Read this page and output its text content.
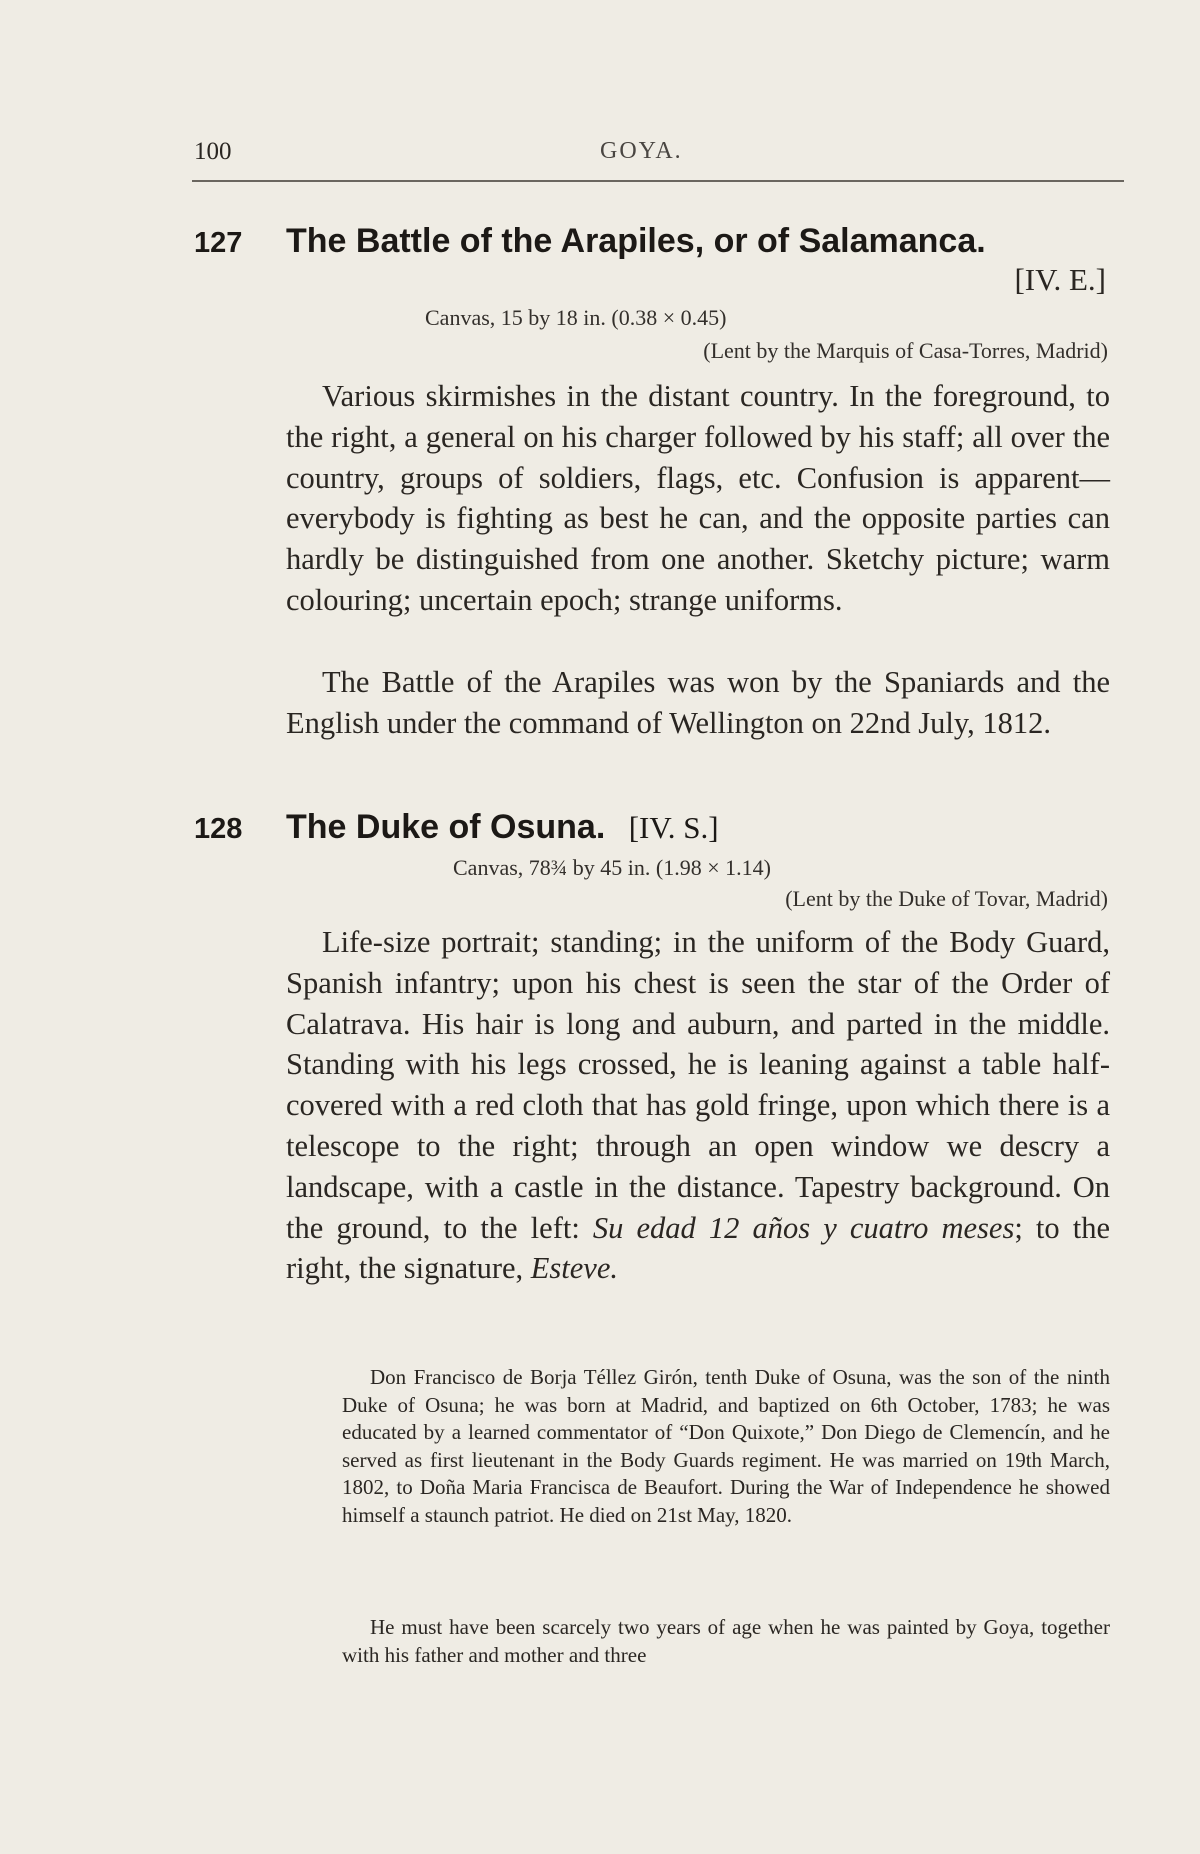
100	GOYA.
127 The Battle of the Arapiles, or of Salamanca.
[IV. E.]
Canvas, 15 by 18 in. (0.38 × 0.45)
(Lent by the Marquis of Casa-Torres, Madrid)

Various skirmishes in the distant country. In the foreground, to the right, a general on his charger followed by his staff; all over the country, groups of soldiers, flags, etc. Confusion is apparent—everybody is fighting as best he can, and the opposite parties can hardly be distinguished from one another. Sketchy picture; warm colouring; uncertain epoch; strange uniforms.

The Battle of the Arapiles was won by the Spaniards and the English under the command of Wellington on 22nd July, 1812.

128 The Duke of Osuna. [IV. S.]
Canvas, 78¾ by 45 in. (1.98 × 1.14)
(Lent by the Duke of Tovar, Madrid)

Life-size portrait; standing; in the uniform of the Body Guard, Spanish infantry; upon his chest is seen the star of the Order of Calatrava. His hair is long and auburn, and parted in the middle. Standing with his legs crossed, he is leaning against a table half-covered with a red cloth that has gold fringe, upon which there is a telescope to the right; through an open window we descry a landscape, with a castle in the distance. Tapestry background. On the ground, to the left: Su edad 12 años y cuatro meses; to the right, the signature, Esteve.

Don Francisco de Borja Téllez Girón, tenth Duke of Osuna, was the son of the ninth Duke of Osuna; he was born at Madrid, and baptized on 6th October, 1783; he was educated by a learned commentator of “Don Quixote,” Don Diego de Clemencín, and he served as first lieutenant in the Body Guards regiment. He was married on 19th March, 1802, to Doña Maria Francisca de Beaufort. During the War of Independence he showed himself a staunch patriot. He died on 21st May, 1820.

He must have been scarcely two years of age when he was painted by Goya, together with his father and mother and three
